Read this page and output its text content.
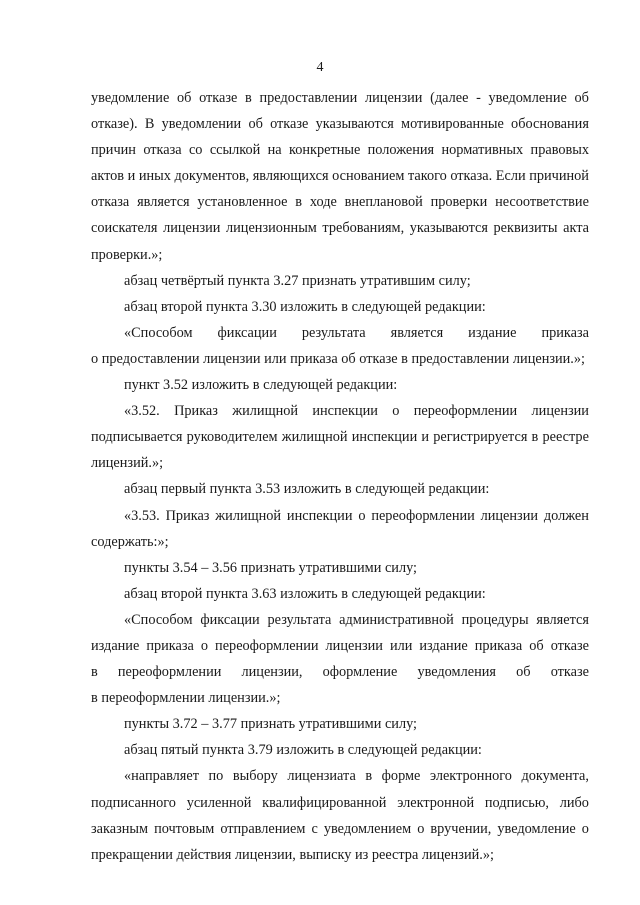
4
уведомление об отказе в предоставлении лицензии (далее - уведомление об
отказе). В уведомлении об отказе указываются мотивированные обоснования
причин отказа со ссылкой на конкретные положения нормативных правовых
актов и иных документов, являющихся основанием такого отказа. Если причиной
отказа является установленное в ходе внеплановой проверки несоответствие
соискателя лицензии лицензионным требованиям, указываются реквизиты акта
проверки.»;
абзац четвёртый пункта 3.27 признать утратившим силу;
абзац второй пункта 3.30 изложить в следующей редакции:
«Способом фиксации результата является издание приказа
о предоставлении лицензии или приказа об отказе в предоставлении лицензии.»;
пункт 3.52 изложить в следующей редакции:
«3.52. Приказ жилищной инспекции о переоформлении лицензии
подписывается руководителем жилищной инспекции и регистрируется в реестре
лицензий.»;
абзац первый пункта 3.53 изложить в следующей редакции:
«3.53. Приказ жилищной инспекции о переоформлении лицензии должен
содержать:»;
пункты 3.54 – 3.56 признать утратившими силу;
абзац второй пункта 3.63 изложить в следующей редакции:
«Способом фиксации результата административной процедуры является
издание приказа о переоформлении лицензии или издание приказа об отказе
в переоформлении лицензии, оформление уведомления об отказе
в переоформлении лицензии.»;
пункты 3.72 – 3.77 признать утратившими силу;
абзац пятый пункта 3.79 изложить в следующей редакции:
«направляет по выбору лицензиата в форме электронного документа,
подписанного усиленной квалифицированной электронной подписью, либо
заказным почтовым отправлением с уведомлением о вручении, уведомление о
прекращении действия лицензии, выписку из реестра лицензий.»;
